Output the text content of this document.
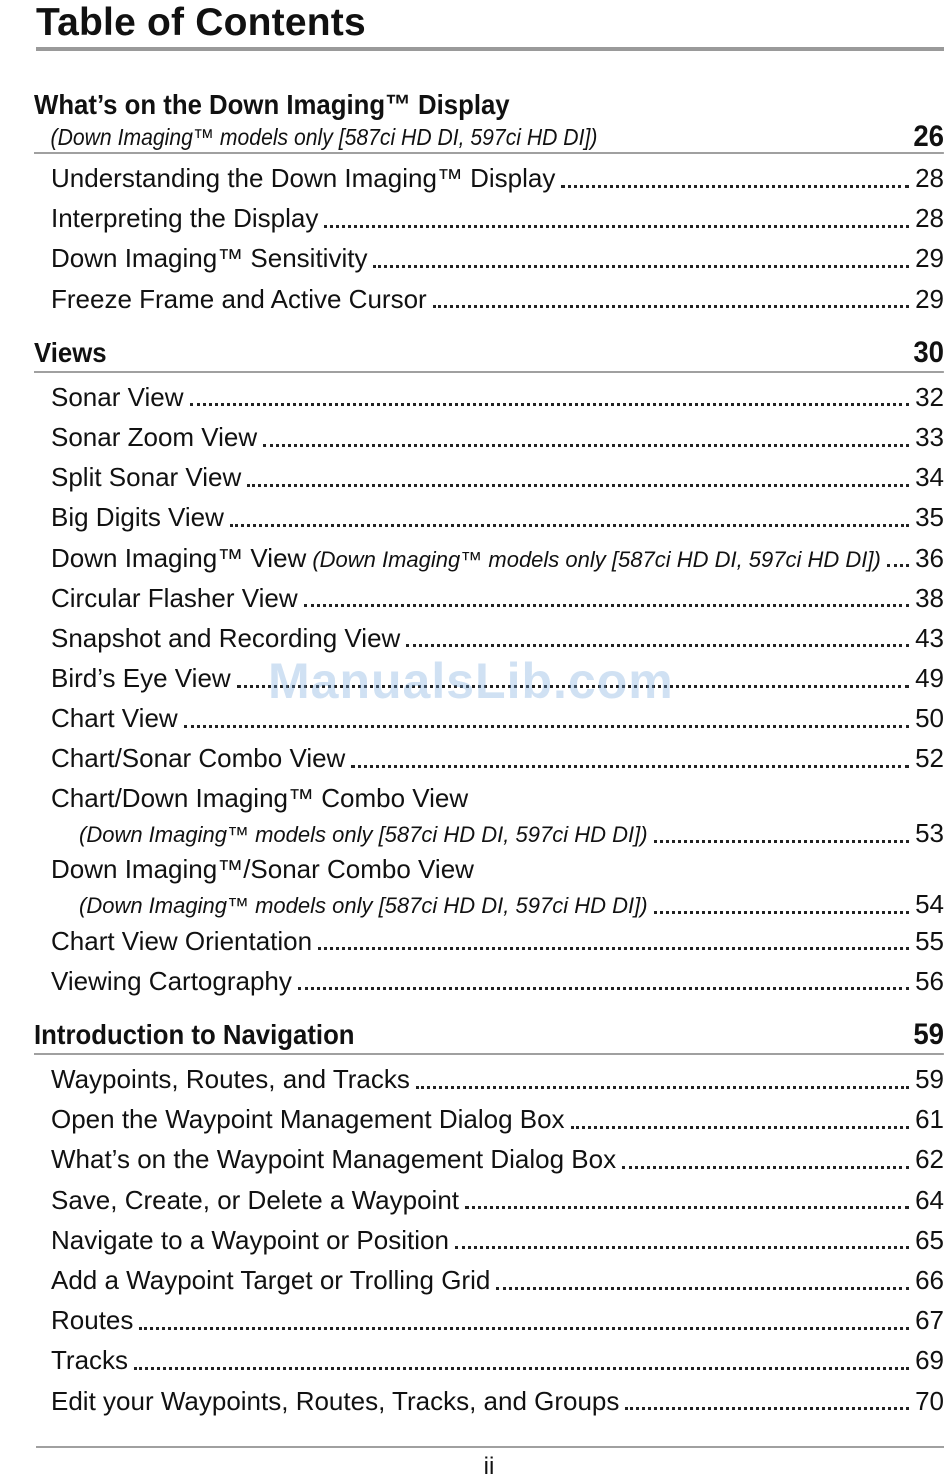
Table of Contents
What’s on the Down Imaging™ Display
(Down Imaging™ models only [587ci HD DI, 597ci HD DI])	26
Understanding the Down Imaging™ Display	28
Interpreting the Display	28
Down Imaging™ Sensitivity	29
Freeze Frame and Active Cursor	29
Views	30
Sonar View	32
Sonar Zoom View	33
Split Sonar View	34
Big Digits View	35
Down Imaging™ View (Down Imaging™ models only [587ci HD DI, 597ci HD DI]) 36
Circular Flasher View	38
Snapshot and Recording View	43
Bird’s Eye View	49
Chart View	50
Chart/Sonar Combo View	52
Chart/Down Imaging™ Combo View
(Down Imaging™ models only [587ci HD DI, 597ci HD DI])	53
Down Imaging™/Sonar Combo View
(Down Imaging™ models only [587ci HD DI, 597ci HD DI])	54
Chart View Orientation	55
Viewing Cartography	56
Introduction to Navigation	59
Waypoints, Routes, and Tracks	59
Open the Waypoint Management Dialog Box	61
What’s on the Waypoint Management Dialog Box	62
Save, Create, or Delete a Waypoint	64
Navigate to a Waypoint or Position	65
Add a Waypoint Target or Trolling Grid	66
Routes	67
Tracks	69
Edit your Waypoints, Routes, Tracks, and Groups	70
ManualsLib.com
ii
